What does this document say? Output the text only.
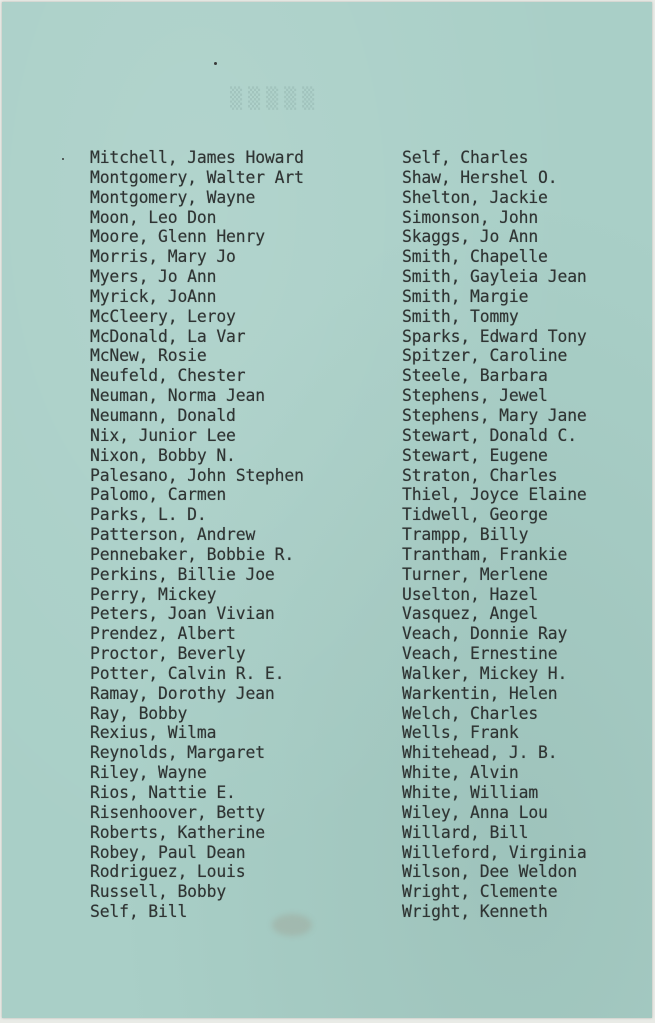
▒▒▒▒▒
Mitchell, James Howard
Montgomery, Walter Art
Montgomery, Wayne
Moon, Leo Don
Moore, Glenn Henry
Morris, Mary Jo
Myers, Jo Ann
Myrick, JoAnn
McCleery, Leroy
McDonald, La Var
McNew, Rosie
Neufeld, Chester
Neuman, Norma Jean
Neumann, Donald
Nix, Junior Lee
Nixon, Bobby N.
Palesano, John Stephen
Palomo, Carmen
Parks, L. D.
Patterson, Andrew
Pennebaker, Bobbie R.
Perkins, Billie Joe
Perry, Mickey
Peters, Joan Vivian
Prendez, Albert
Proctor, Beverly
Potter, Calvin R. E.
Ramay, Dorothy Jean
Ray, Bobby
Rexius, Wilma
Reynolds, Margaret
Riley, Wayne
Rios, Nattie E.
Risenhoover, Betty
Roberts, Katherine
Robey, Paul Dean
Rodriguez, Louis
Russell, Bobby
Self, Bill
Self, Charles
Shaw, Hershel O.
Shelton, Jackie
Simonson, John
Skaggs, Jo Ann
Smith, Chapelle
Smith, Gayleia Jean
Smith, Margie
Smith, Tommy
Sparks, Edward Tony
Spitzer, Caroline
Steele, Barbara
Stephens, Jewel
Stephens, Mary Jane
Stewart, Donald C.
Stewart, Eugene
Straton, Charles
Thiel, Joyce Elaine
Tidwell, George
Trampp, Billy
Trantham, Frankie
Turner, Merlene
Uselton, Hazel
Vasquez, Angel
Veach, Donnie Ray
Veach, Ernestine
Walker, Mickey H.
Warkentin, Helen
Welch, Charles
Wells, Frank
Whitehead, J. B.
White, Alvin
White, William
Wiley, Anna Lou
Willard, Bill
Willeford, Virginia
Wilson, Dee Weldon
Wright, Clemente
Wright, Kenneth
